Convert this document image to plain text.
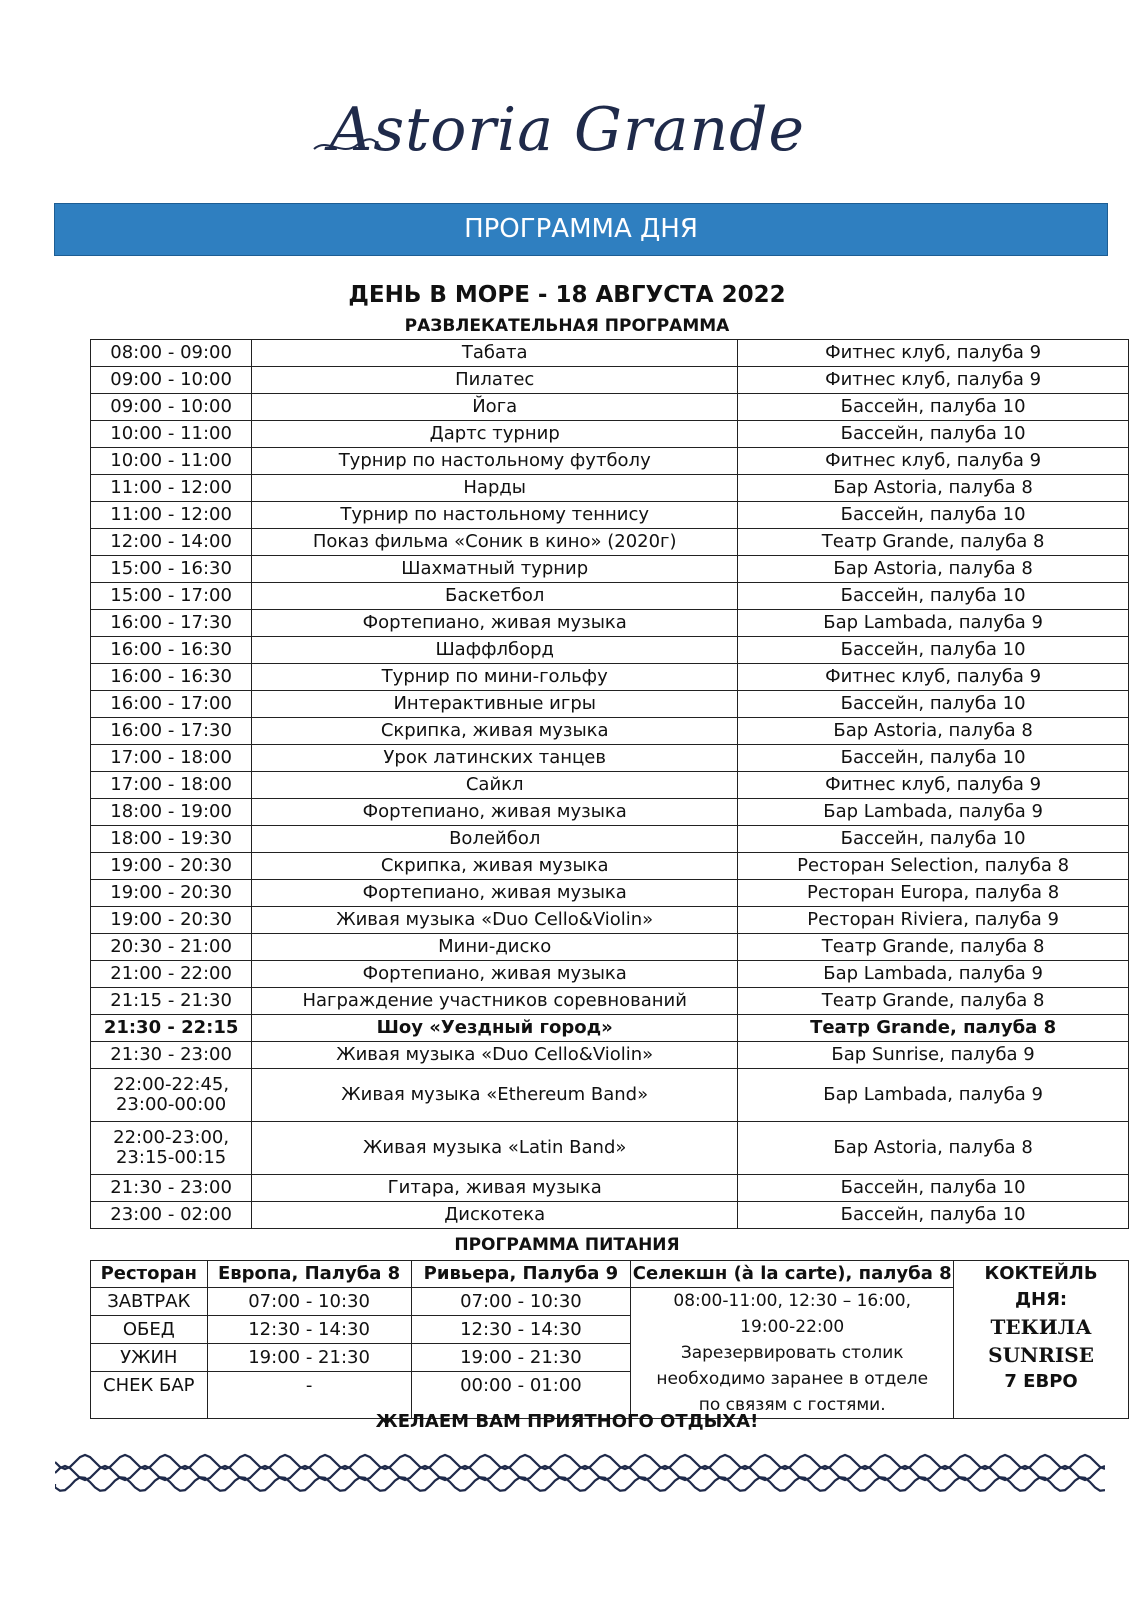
Astoria Grande
ПРОГРАММА ДНЯ
ДЕНЬ В МОРЕ - 18 АВГУСТА 2022
РАЗВЛЕКАТЕЛЬНАЯ ПРОГРАММА
08:00 - 09:00	Табата	Фитнес клуб, палуба 9
09:00 - 10:00	Пилатес	Фитнес клуб, палуба 9
09:00 - 10:00	Йога	Бассейн, палуба 10
10:00 - 11:00	Дартс турнир	Бассейн, палуба 10
10:00 - 11:00	Турнир по настольному футболу	Фитнес клуб, палуба 9
11:00 - 12:00	Нарды	Бар Astoria, палуба 8
11:00 - 12:00	Турнир по настольному теннису	Бассейн, палуба 10
12:00 - 14:00	Показ фильма «Соник в кино» (2020г)	Театр Grande, палуба 8
15:00 - 16:30	Шахматный турнир	Бар Astoria, палуба 8
15:00 - 17:00	Баскетбол	Бассейн, палуба 10
16:00 - 17:30	Фортепиано, живая музыка	Бар Lambada, палуба 9
16:00 - 16:30	Шаффлборд	Бассейн, палуба 10
16:00 - 16:30	Турнир по мини-гольфу	Фитнес клуб, палуба 9
16:00 - 17:00	Интерактивные игры	Бассейн, палуба 10
16:00 - 17:30	Скрипка, живая музыка	Бар Astoria, палуба 8
17:00 - 18:00	Урок латинских танцев	Бассейн, палуба 10
17:00 - 18:00	Сайкл	Фитнес клуб, палуба 9
18:00 - 19:00	Фортепиано, живая музыка	Бар Lambada, палуба 9
18:00 - 19:30	Волейбол	Бассейн, палуба 10
19:00 - 20:30	Скрипка, живая музыка	Ресторан Selection, палуба 8
19:00 - 20:30	Фортепиано, живая музыка	Ресторан Europa, палуба 8
19:00 - 20:30	Живая музыка «Duo Cello&Violin»	Ресторан Riviera, палуба 9
20:30 - 21:00	Мини-диско	Театр Grande, палуба 8
21:00 - 22:00	Фортепиано, живая музыка	Бар Lambada, палуба 9
21:15 - 21:30	Награждение участников соревнований	Театр Grande, палуба 8
21:30 - 22:15	Шоу «Уездный город»	Театр Grande, палуба 8
21:30 - 23:00	Живая музыка «Duo Cello&Violin»	Бар Sunrise, палуба 9

22:00-22:45,
23:00-00:00	Живая музыка «Ethereum Band»	Бар Lambada, палуба 9

22:00-23:00,
23:15-00:15	Живая музыка «Latin Band»	Бар Astoria, палуба 8
21:30 - 23:00	Гитара, живая музыка	Бассейн, палуба 10
23:00 - 02:00	Дискотека	Бассейн, палуба 10
ПРОГРАММА ПИТАНИЯ
Ресторан	Европа, Палуба 8	Ривьера, Палуба 9	Селекшн (à la carte), палуба 8	КОКТЕЙЛЬ
ДНЯ:
ТЕКИЛА
SUNRISE
7 ЕВРО

ЗАВТРАК	07:00 - 10:30	07:00 - 10:30	08:00-11:00, 12:30 – 16:00,
19:00-22:00
Зарезервировать столик
необходимо заранее в отделе
по связям с гостями.	

ОБЕД	12:30 - 14:30	12:30 - 14:30		
УЖИН	19:00 - 21:30	19:00 - 21:30		
СНЕК БАР	-	00:00 - 01:00		
ЖЕЛАЕМ ВАМ ПРИЯТНОГО ОТДЫХА!
